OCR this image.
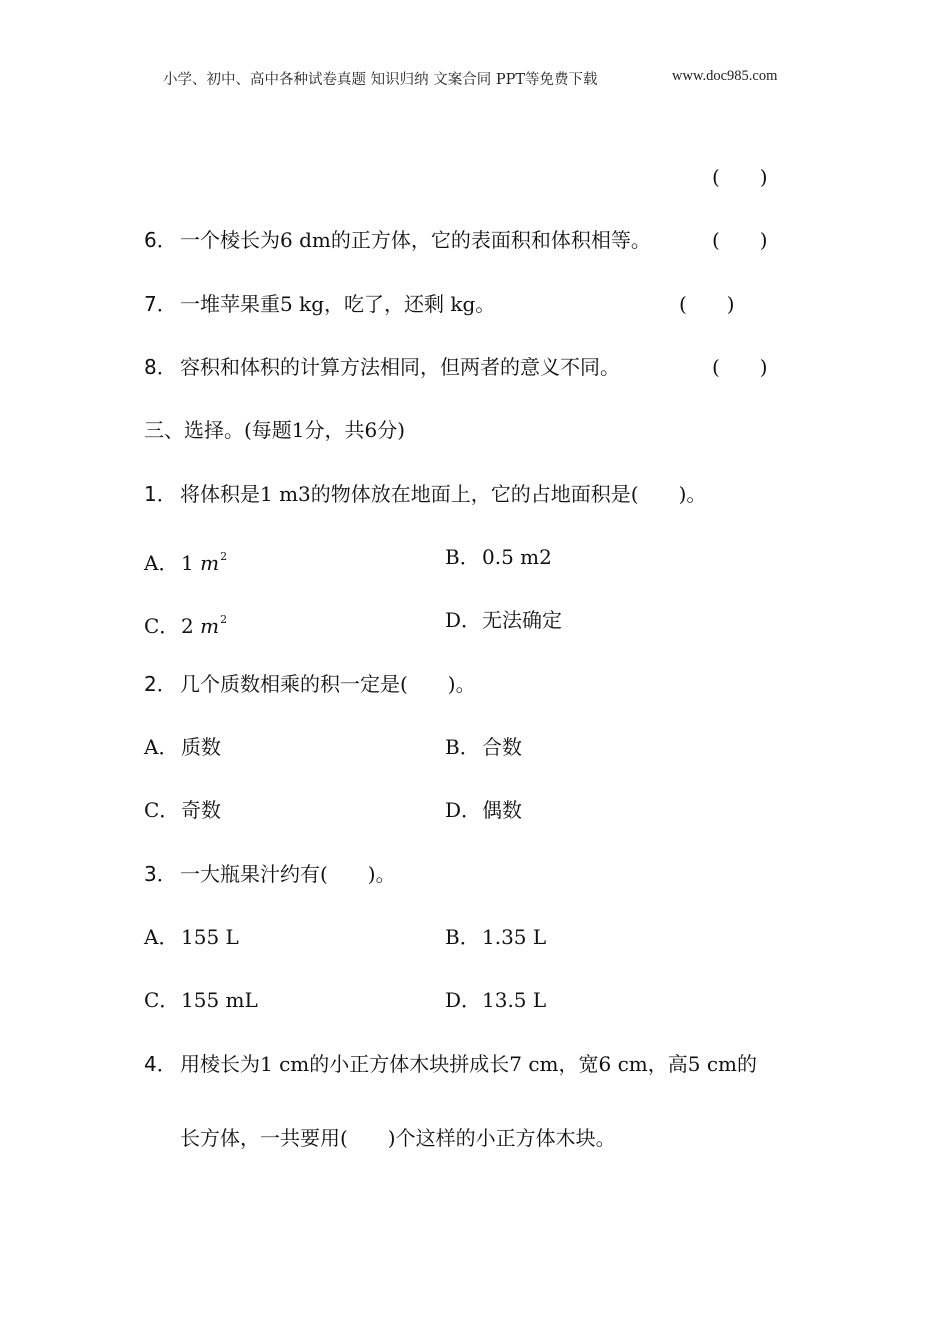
小学、初中、高中各种试卷真题 知识归纳 文案合同 PPT等免费下载	www.doc985.com
(　　)
6． 一个棱长为6 dm的正方体，它的表面积和体积相等。	(　　)
7． 一堆苹果重5 kg，吃了，还剩 kg。	(　　)
8． 容积和体积的计算方法相同，但两者的意义不同。	(　　)
三、选择。(每题1分，共6分)
1． 将体积是1 m3的物体放在地面上，它的占地面积是(　　)。
A． 1 $m^2$	B． 0.5 m2
C．2 $m^2$	D．无法确定
2． 几个质数相乘的积一定是(　　)。
A． 质数	B． 合数
C．奇数	D．偶数
3． 一大瓶果汁约有(　　)。
A． 155 L	B． 1.35 L
C．155 mL	D．13.5 L
4． 用棱长为1 cm的小正方体木块拼成长7 cm，宽6 cm，高5 cm的
长方体，一共要用(　　)个这样的小正方体木块。
